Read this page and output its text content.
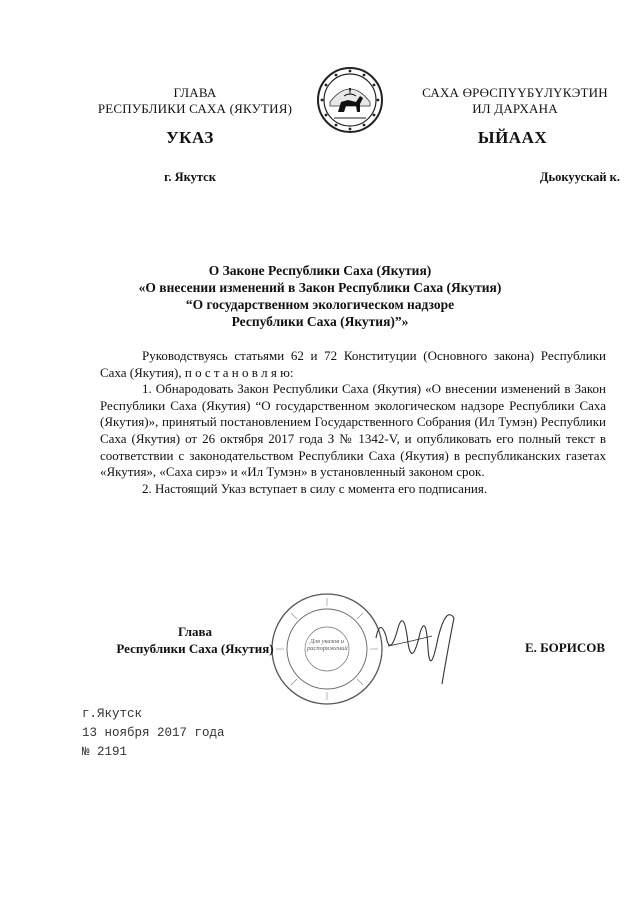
ГЛАВА
РЕСПУБЛИКИ САХА (ЯКУТИЯ)
САХА ӨРӨСПҮҮБҮЛҮКЭТИН
ИЛ ДАРХАНА
УКАЗ	ЫЙААХ
г. Якутск	Дьокуускай к.
О Законе Республики Саха (Якутия)
«О внесении изменений в Закон Республики Саха (Якутия)
“О государственном экологическом надзоре
Республики Саха (Якутия)”»

Руководствуясь статьями 62 и 72 Конституции (Основного закона) Республики Саха (Якутия), п о с т а н о в л я ю:

1. Обнародовать Закон Республики Саха (Якутия) «О внесении изменений в Закон Республики Саха (Якутия) “О государственном экологическом надзоре Республики Саха (Якутия)», принятый постановлением Государственного Собрания (Ил Тумэн) Республики Саха (Якутия) от 26 октября 2017 года З № 1342-V, и опубликовать его полный текст в соответствии с законодательством Республики Саха (Якутия) в республиканских газетах «Якутия», «Саха сирэ» и «Ил Тумэн» в установленный законом срок.

2. Настоящий Указ вступает в силу с момента его подписания.

Для указов и распоряжений
Глава
Республики Саха (Якутия)	Е. БОРИСОВ
г.Якутск
13 ноября 2017 года
№ 2191
